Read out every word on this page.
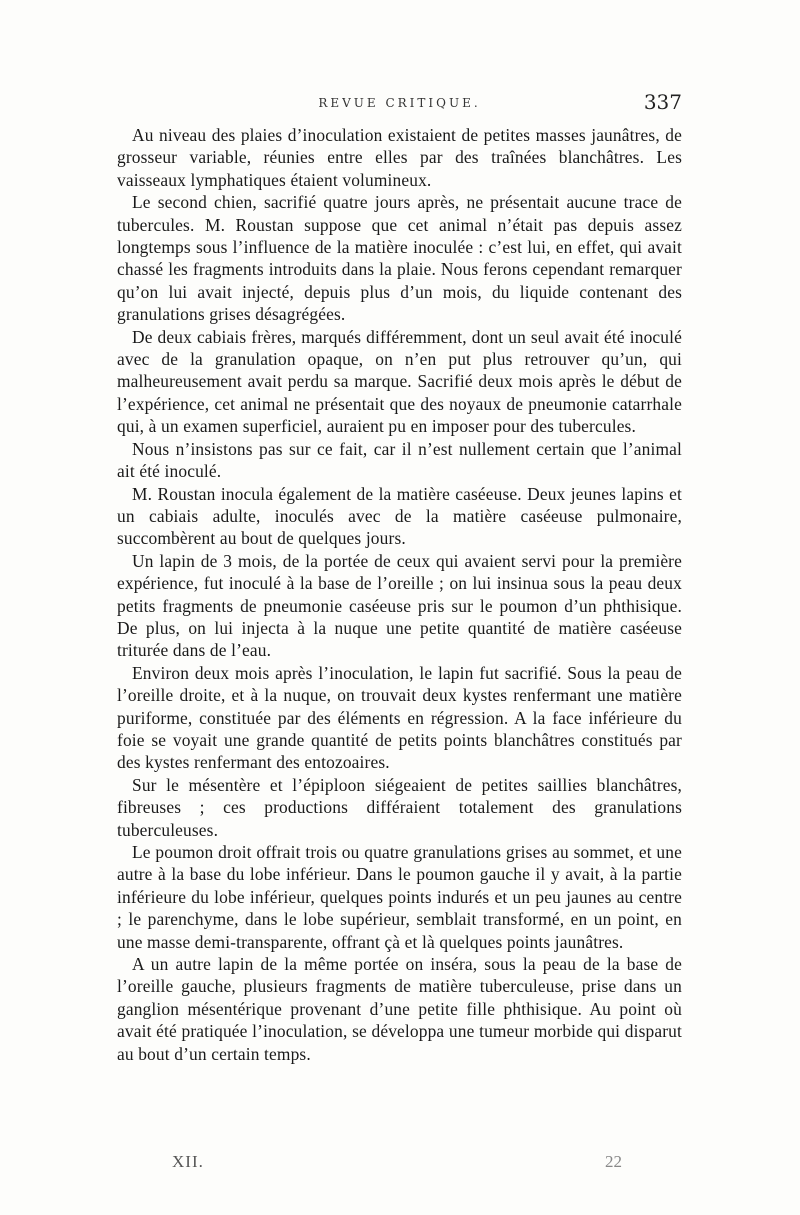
REVUE CRITIQUE.	337

Au niveau des plaies d’inoculation existaient de petites masses jaunâtres, de grosseur variable, réunies entre elles par des traînées blanchâtres. Les vaisseaux lymphatiques étaient volumineux.

Le second chien, sacrifié quatre jours après, ne présentait aucune trace de tubercules. M. Roustan suppose que cet animal n’était pas depuis assez longtemps sous l’influence de la matière inoculée : c’est lui, en effet, qui avait chassé les fragments introduits dans la plaie. Nous ferons cependant remarquer qu’on lui avait injecté, depuis plus d’un mois, du liquide contenant des granulations grises désagrégées.

De deux cabiais frères, marqués différemment, dont un seul avait été inoculé avec de la granulation opaque, on n’en put plus retrouver qu’un, qui malheureusement avait perdu sa marque. Sacrifié deux mois après le début de l’expérience, cet animal ne présentait que des noyaux de pneumonie catarrhale qui, à un examen superficiel, auraient pu en imposer pour des tubercules.

Nous n’insistons pas sur ce fait, car il n’est nullement certain que l’animal ait été inoculé.

M. Roustan inocula également de la matière caséeuse. Deux jeunes lapins et un cabiais adulte, inoculés avec de la matière caséeuse pulmonaire, succombèrent au bout de quelques jours.

Un lapin de 3 mois, de la portée de ceux qui avaient servi pour la première expérience, fut inoculé à la base de l’oreille ; on lui insinua sous la peau deux petits fragments de pneumonie caséeuse pris sur le poumon d’un phthisique. De plus, on lui injecta à la nuque une petite quantité de matière caséeuse triturée dans de l’eau.

Environ deux mois après l’inoculation, le lapin fut sacrifié. Sous la peau de l’oreille droite, et à la nuque, on trouvait deux kystes renfermant une matière puriforme, constituée par des éléments en régression. A la face inférieure du foie se voyait une grande quantité de petits points blanchâtres constitués par des kystes renfermant des entozoaires.

Sur le mésentère et l’épiploon siégeaient de petites saillies blanchâtres, fibreuses ; ces productions différaient totalement des granulations tuberculeuses.

Le poumon droit offrait trois ou quatre granulations grises au sommet, et une autre à la base du lobe inférieur. Dans le poumon gauche il y avait, à la partie inférieure du lobe inférieur, quelques points indurés et un peu jaunes au centre ; le parenchyme, dans le lobe supérieur, semblait transformé, en un point, en une masse demi-transparente, offrant çà et là quelques points jaunâtres.

A un autre lapin de la même portée on inséra, sous la peau de la base de l’oreille gauche, plusieurs fragments de matière tuberculeuse, prise dans un ganglion mésentérique provenant d’une petite fille phthisique. Au point où avait été pratiquée l’inoculation, se développa une tumeur morbide qui disparut au bout d’un certain temps.

XII.	22
